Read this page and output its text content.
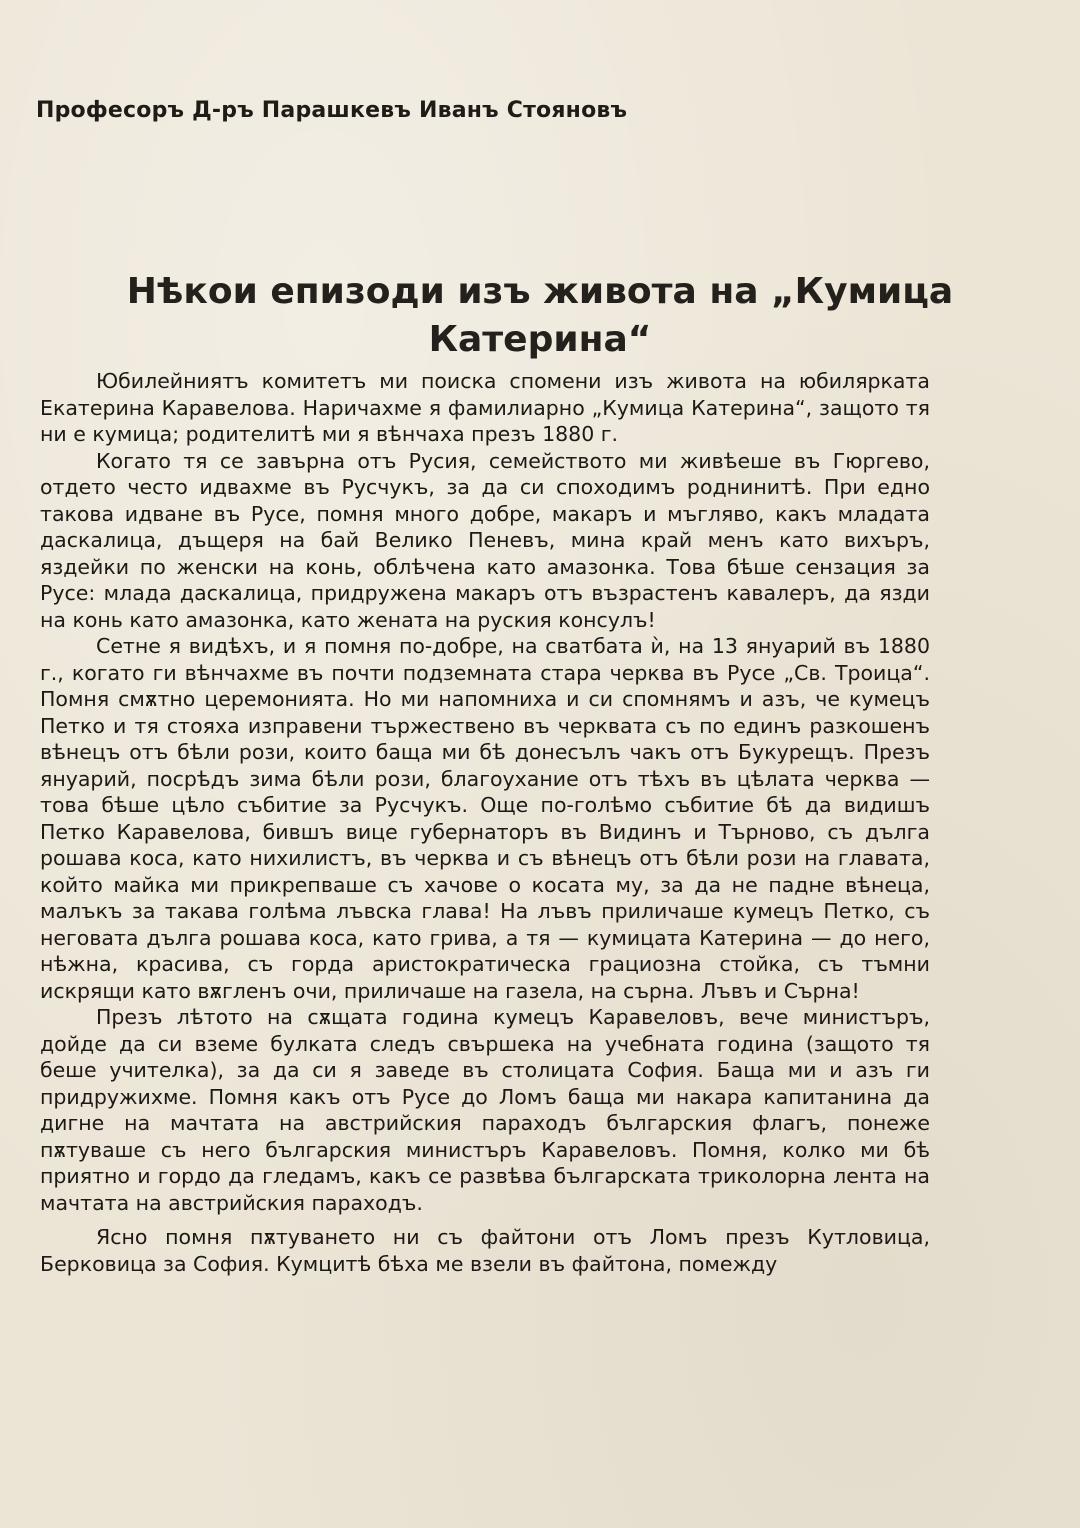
Професоръ Д-ръ Парашкевъ Иванъ Стояновъ
Нѣкои епизоди изъ живота на „Кумица Катерина“

Юбилейниятъ комитетъ ми поиска спомени изъ живота на юбилярката Екатерина Каравелова. Наричахме я фамилиарно „Кумица Катерина“, защото тя ни е кумица; родителитѣ ми я вѣнчаха презъ 1880 г.

Когато тя се завърна отъ Русия, семейството ми живѣеше въ Гюргево, отдето често идвахме въ Русчукъ, за да си споходимъ роднинитѣ. При едно такова идване въ Русе, помня много добре, макаръ и мъгляво, какъ младата даскалица, дъщеря на бай Велико Пеневъ, мина край менъ като вихъръ, яздейки по женски на конь, облѣчена като амазонка. Това бѣше сензация за Русе: млада даскалица, придружена макаръ отъ възрастенъ кавалеръ, да язди на конь като амазонка, като жената на руския консулъ!

Сетне я видѣхъ, и я помня по-добре, на сватбата ѝ, на 13 януарий въ 1880 г., когато ги вѣнчахме въ почти подземната стара черква въ Русе „Св. Троица“. Помня смѫтно церемонията. Но ми напомниха и си спомнямъ и азъ, че кумецъ Петко и тя стояха изправени тържествено въ черквата съ по единъ разкошенъ вѣнецъ отъ бѣли рози, които баща ми бѣ донесълъ чакъ отъ Букурещъ. Презъ януарий, посрѣдъ зима бѣли рози, благоухание отъ тѣхъ въ цѣлата черква — това бѣше цѣло събитие за Русчукъ. Още по-голѣмо събитие бѣ да видишъ Петко Каравелова, бившъ вице губернаторъ въ Видинъ и Търново, съ дълга рошава коса, като нихилистъ, въ черква и съ вѣнецъ отъ бѣли рози на главата, който майка ми прикрепваше съ хачове о косата му, за да не падне вѣнеца, малъкъ за такава голѣма лъвска глава! На лъвъ приличаше кумецъ Петко, съ неговата дълга рошава коса, като грива, а тя — кумицата Катерина — до него, нѣжна, красива, съ горда аристократическа грациозна стойка, съ тъмни искрящи като вѫгленъ очи, приличаше на газела, на сърна. Лъвъ и Сърна!

Презъ лѣтото на сѫщата година кумецъ Каравеловъ, вече министъръ, дойде да си вземе булката следъ свършека на учебната година (защото тя беше учителка), за да си я заведе въ столицата София. Баща ми и азъ ги придружихме. Помня какъ отъ Русе до Ломъ баща ми накара капитанина да дигне на мачтата на австрийския параходъ българския флагъ, понеже пѫтуваше съ него българския министъръ Каравеловъ. Помня, колко ми бѣ приятно и гордо да гледамъ, какъ се развѣва българската триколорна лента на мачтата на австрийския параходъ.

Ясно помня пѫтуването ни съ файтони отъ Ломъ презъ Кутловица, Берковица за София. Кумцитѣ бѣха ме взели въ файтона, помежду
